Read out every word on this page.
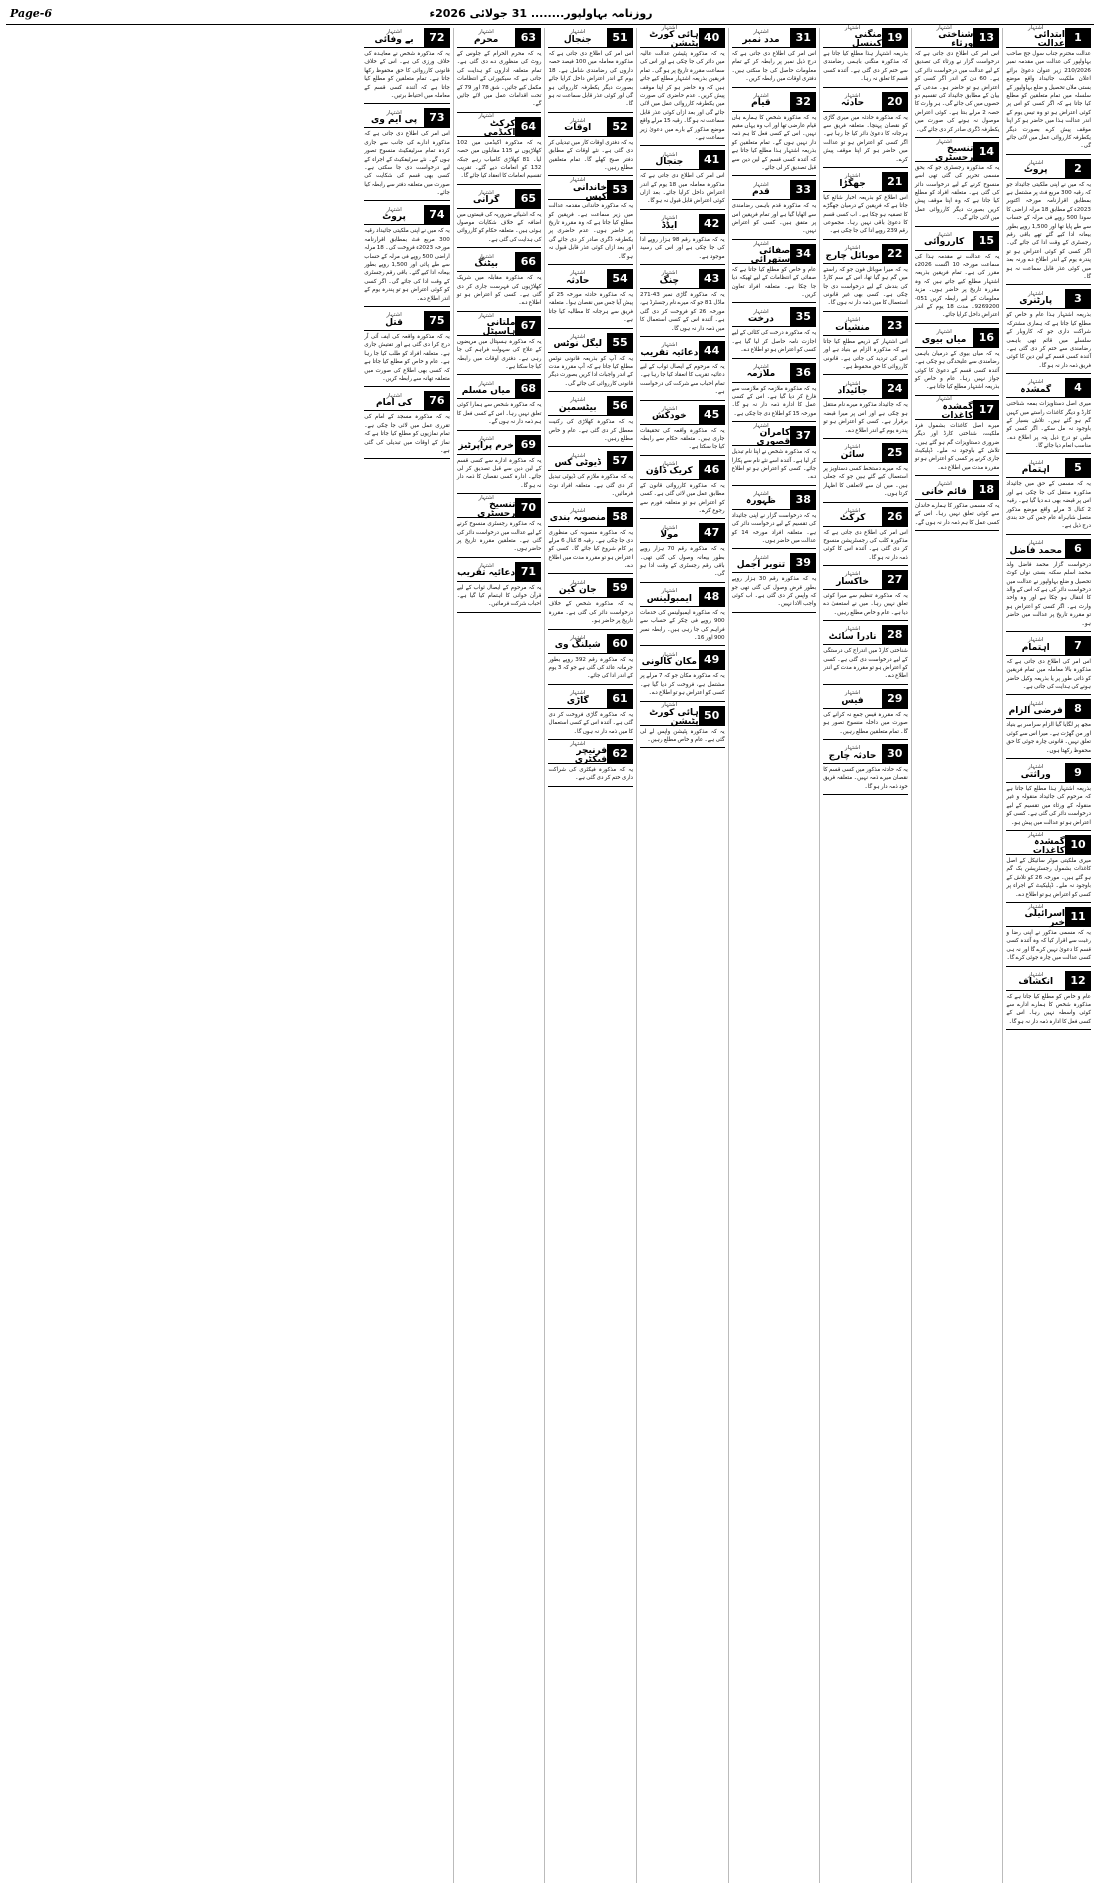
Page-6	روزنامہ بہاولپور........ 31 جولائی 2026ء
1
اشتہار
ابتدائی عدالت
عدالت محترم جناب سول جج صاحب بہاولپور کی عدالت میں مقدمہ نمبر 210/2026 زیر عنوان دعویٰ برائے اعلان ملکیت جائیداد واقع موضع بستی ملاں تحصیل و ضلع بہاولپور کے سلسلہ میں تمام متعلقین کو مطلع کیا جاتا ہے کہ اگر کسی کو اس پر کوئی اعتراض ہو تو وہ تیس یوم کے اندر عدالت ہذا میں حاضر ہو کر اپنا موقف پیش کرے بصورت دیگر یکطرفہ کارروائی عمل میں لائی جائے گی۔
2
اشتہار
پروٹ
یہ کہ میں نے اپنی ملکیتی جائیداد جو کہ رقبہ 300 مربع فٹ پر مشتمل ہے بمطابق اقرارنامہ مورخہ اکتوبر 2023ء کے مطابق 18 مرلہ اراضی کا سودا 500 روپے فی مرلہ کے حساب سے طے پایا تھا اور 1,500 روپے بطور بیعانہ ادا کیے گئے تھے باقی رقم رجسٹری کے وقت ادا کی جائے گی۔ اگر کسی کو کوئی اعتراض ہو تو پندرہ یوم کے اندر اطلاع دے ورنہ بعد میں کوئی عذر قابل سماعت نہ ہو گا۔
3
اشتہار
پارٹنری
بذریعہ اشتہار ہذا عام و خاص کو مطلع کیا جاتا ہے کہ ہماری مشترکہ شراکت داری جو کہ کاروبار کے سلسلے میں قائم تھی باہمی رضامندی سے ختم کر دی گئی ہے۔ آئندہ کسی قسم کے لین دین کا کوئی فریق ذمہ دار نہ ہو گا۔
4
اشتہار
گمشدہ
میری اصل دستاویزات بمعہ شناختی کارڈ و دیگر کاغذات راستے میں کہیں گم ہو گئے ہیں۔ تلاش بسیار کے باوجود نہ مل سکے۔ اگر کسی کو ملیں تو درج ذیل پتہ پر اطلاع دے۔ مناسب انعام دیا جائے گا۔
5
اشتہار
اہتمام
یہ کہ مسمی کے حق میں جائیداد مذکورہ منتقل کی جا چکی ہے اور اس پر قبضہ بھی دے دیا گیا ہے۔ رقبہ 2 کنال 3 مرلے واقع موضع مذکور متصل شاہراہ عام جس کی حد بندی درج ذیل ہے۔
6
اشتہار
محمد فاضل
درخواست گزار محمد فاضل ولد محمد اسلم سکنہ بستی نواں کوٹ تحصیل و ضلع بہاولپور نے عدالت میں درخواست دائر کی ہے کہ اس کے والد کا انتقال ہو چکا ہے اور وہ واحد وارث ہے۔ اگر کسی کو اعتراض ہو تو مقررہ تاریخ پر عدالت میں حاضر ہو۔
7
اشتہار
اہتمام
اس امر کی اطلاع دی جاتی ہے کہ مذکورہ بالا معاملہ میں تمام فریقین کو ذاتی طور پر یا بذریعہ وکیل حاضر ہونے کی ہدایت کی جاتی ہے۔
8
اشتہار
فرضی الزام
مجھ پر لگایا گیا الزام سراسر بے بنیاد اور من گھڑت ہے۔ میرا اس سے کوئی تعلق نہیں۔ قانونی چارہ جوئی کا حق محفوظ رکھتا ہوں۔
9
اشتہار
وراثتی
بذریعہ اشتہار ہذا مطلع کیا جاتا ہے کہ مرحوم کی جائیداد منقولہ و غیر منقولہ کے ورثاء میں تقسیم کے لیے درخواست دائر کی گئی ہے۔ کسی کو اعتراض ہو تو عدالت میں پیش ہو۔
10
اشتہار
گمشدہ کاغذات
میری ملکیتی موٹر سائیکل کے اصل کاغذات بشمول رجسٹریشن بک گم ہو گئے ہیں۔ مورخہ 26 کو تلاش کے باوجود نہ ملے۔ ڈپلیکیٹ کے اجراء پر کسی کو اعتراض ہو تو اطلاع دے۔
11
اشتہار
اسرائیلی خبر
یہ کہ مسمی مذکور نے اپنی رضا و رغبت سے اقرار کیا کہ وہ آئندہ کسی قسم کا دعویٰ نہیں کرے گا اور نہ ہی کسی عدالت میں چارہ جوئی کرے گا۔
12
اشتہار
انکشاف
عام و خاص کو مطلع کیا جاتا ہے کہ مذکورہ شخص کا ہمارے ادارے سے کوئی واسطہ نہیں رہا۔ اس کے کسی فعل کا ادارہ ذمہ دار نہ ہو گا۔
13
اشتہار
شناختی ورثاء
اس امر کی اطلاع دی جاتی ہے کہ درخواست گزار نے ورثاء کی تصدیق کے لیے عدالت میں درخواست دائر کی ہے۔ 60 دن کے اندر اگر کسی کو اعتراض ہو تو حاضر ہو۔ مدعی کے بیان کے مطابق جائیداد کی تقسیم دو حصوں میں کی جائے گی۔ ہر وارث کا حصہ 2 مرلے بنتا ہے۔ کوئی اعتراض موصول نہ ہونے کی صورت میں یکطرفہ ڈگری صادر کر دی جائے گی۔
14
اشتہار
تنسیخ رجسٹری
یہ کہ مذکورہ رجسٹری جو کہ بحق مسمی تحریر کی گئی تھی اسے منسوخ کرنے کے لیے درخواست دائر کی گئی ہے۔ متعلقہ افراد کو مطلع کیا جاتا ہے کہ وہ اپنا موقف پیش کریں بصورت دیگر کارروائی عمل میں لائی جائے گی۔
15
اشتہار
کارروائی
یہ کہ عدالت نے مقدمہ ہذا کی سماعت مورخہ 10 اگست 2026ء مقرر کی ہے۔ تمام فریقین بذریعہ اشتہار مطلع کیے جاتے ہیں کہ وہ مقررہ تاریخ پر حاضر ہوں۔ مزید معلومات کے لیے رابطہ کریں 051-9269200۔ مدت 18 یوم کے اندر اعتراض داخل کرایا جائے۔
16
اشتہار
میاں بیوی
یہ کہ میاں بیوی کے درمیان باہمی رضامندی سے علیحدگی ہو چکی ہے۔ آئندہ کسی قسم کے دعویٰ کا کوئی جواز نہیں رہا۔ عام و خاص کو بذریعہ اشتہار مطلع کیا جاتا ہے۔
17
اشتہار
گمشدہ کاغذات
میرے اصل کاغذات بشمول فرد ملکیت، شناختی کارڈ اور دیگر ضروری دستاویزات گم ہو گئے ہیں۔ تلاش کے باوجود نہ ملے۔ ڈپلیکیٹ جاری کرنے پر کسی کو اعتراض ہو تو مقررہ مدت میں اطلاع دے۔
18
اشتہار
قائم خانی
یہ کہ مسمی مذکور کا ہمارے خاندان سے کوئی تعلق نہیں رہا۔ اس کے کسی عمل کا ہم ذمہ دار نہ ہوں گے۔
19
اشتہار
منگنی کینسل
بذریعہ اشتہار ہذا مطلع کیا جاتا ہے کہ مذکورہ منگنی باہمی رضامندی سے ختم کر دی گئی ہے۔ آئندہ کسی قسم کا تعلق نہ رہا۔
20
اشتہار
حادثہ
یہ کہ مذکورہ حادثہ میں میری گاڑی کو نقصان پہنچا۔ متعلقہ فریق سے ہرجانہ کا دعویٰ دائر کیا جا رہا ہے۔ اگر کسی کو اعتراض ہو تو عدالت میں حاضر ہو کر اپنا موقف پیش کرے۔
21
اشتہار
جھگڑا
اس اطلاع کو بذریعہ اخبار شائع کیا جاتا ہے کہ فریقین کے درمیان جھگڑے کا تصفیہ ہو چکا ہے۔ اب کسی قسم کا دعویٰ باقی نہیں رہا۔ مجموعی رقم 239 روپے ادا کی جا چکی ہے۔
22
اشتہار
موبائل چارج
یہ کہ میرا موبائل فون جو کہ راستے میں گم ہو گیا تھا، اس کے سم کارڈ کی بندش کے لیے درخواست دی جا چکی ہے۔ کسی بھی غیر قانونی استعمال کا میں ذمہ دار نہ ہوں گا۔
23
اشتہار
منشیات
اس اشتہار کے ذریعے مطلع کیا جاتا ہے کہ مذکورہ الزام بے بنیاد ہے اور اس کی تردید کی جاتی ہے۔ قانونی کارروائی کا حق محفوظ ہے۔
24
اشتہار
جائیداد
یہ کہ جائیداد مذکورہ میرے نام منتقل ہو چکی ہے اور اس پر میرا قبضہ برقرار ہے۔ کسی کو اعتراض ہو تو پندرہ یوم کے اندر اطلاع دے۔
25
اشتہار
سائن
یہ کہ میرے دستخط کسی دستاویز پر استعمال کیے گئے ہیں جو کہ جعلی ہیں۔ میں ان سے لاتعلقی کا اظہار کرتا ہوں۔
26
اشتہار
کرکٹ
اس امر کی اطلاع دی جاتی ہے کہ مذکورہ کلب کی رجسٹریشن منسوخ کر دی گئی ہے۔ آئندہ اس کا کوئی ذمہ دار نہ ہو گا۔
27
اشتہار
خاکسار
یہ کہ مذکورہ تنظیم سے میرا کوئی تعلق نہیں رہا۔ میں نے استعفیٰ دے دیا ہے۔ عام و خاص مطلع رہیں۔
28
اشتہار
نادرا سائٹ
شناختی کارڈ میں اندراج کی درستگی کے لیے درخواست دی گئی ہے۔ کسی کو اعتراض ہو تو مقررہ مدت کے اندر اطلاع دے۔
29
اشتہار
فیس
یہ کہ مقررہ فیس جمع نہ کرانے کی صورت میں داخلہ منسوخ تصور ہو گا۔ تمام متعلقین مطلع رہیں۔
30
اشتہار
حادثہ چارج
یہ کہ حادثہ مذکور میں کسی قسم کا نقصان میرے ذمہ نہیں۔ متعلقہ فریق خود ذمہ دار ہو گا۔
31
اشتہار
مدد نمبر
اس امر کی اطلاع دی جاتی ہے کہ درج ذیل نمبر پر رابطہ کر کے تمام معلومات حاصل کی جا سکتی ہیں۔ دفتری اوقات میں رابطہ کریں۔
32
اشتہار
قیام
یہ کہ مذکورہ شخص کا ہمارے ہاں قیام عارضی تھا اور اب وہ یہاں مقیم نہیں۔ اس کے کسی فعل کا ہم ذمہ دار نہیں ہوں گے۔ تمام متعلقین کو بذریعہ اشتہار ہذا مطلع کیا جاتا ہے کہ آئندہ کسی قسم کے لین دین سے قبل تصدیق کر لی جائے۔
33
اشتہار
قدم
یہ کہ مذکورہ قدم باہمی رضامندی سے اٹھایا گیا ہے اور تمام فریقین اس پر متفق ہیں۔ کسی کو اعتراض نہیں۔
34
اشتہار
صفائی ستھرائی
عام و خاص کو مطلع کیا جاتا ہے کہ صفائی کے انتظامات کے لیے ٹھیکہ دیا جا چکا ہے۔ متعلقہ افراد تعاون کریں۔
35
اشتہار
درخت
یہ کہ مذکورہ درخت کی کٹائی کے لیے اجازت نامہ حاصل کر لیا گیا ہے۔ کسی کو اعتراض ہو تو اطلاع دے۔
36
اشتہار
ملازمہ
یہ کہ مذکورہ ملازمہ کو ملازمت سے فارغ کر دیا گیا ہے۔ اس کے کسی عمل کا ادارہ ذمہ دار نہ ہو گا۔ مورخہ 15 کو اطلاع دی جا چکی ہے۔
37
اشتہار
کامران قصوری
یہ کہ مذکورہ شخص نے اپنا نام تبدیل کر لیا ہے۔ آئندہ اسے نئے نام سے پکارا جائے۔ کسی کو اعتراض ہو تو اطلاع دے۔
38
اشتہار
ظہورہ
یہ کہ درخواست گزار نے اپنی جائیداد کی تقسیم کے لیے درخواست دائر کی ہے۔ متعلقہ افراد مورخہ 14 کو عدالت میں حاضر ہوں۔
39
اشتہار
تنویر اجمل
یہ کہ مذکورہ رقم 30 ہزار روپے بطور قرض وصول کی گئی تھی جو کہ واپس کر دی گئی ہے۔ اب کوئی واجب الادا نہیں۔
40
اشتہار
ہائی کورٹ پٹیشن
یہ کہ مذکورہ پٹیشن عدالت عالیہ میں دائر کی جا چکی ہے اور اس کی سماعت مقررہ تاریخ پر ہو گی۔ تمام فریقین بذریعہ اشتہار مطلع کیے جاتے ہیں کہ وہ حاضر ہو کر اپنا موقف پیش کریں۔ عدم حاضری کی صورت میں یکطرفہ کارروائی عمل میں لائی جائے گی اور بعد ازاں کوئی عذر قابل سماعت نہ ہو گا۔ رقبہ 15 مرلے واقع موضع مذکور کے بارے میں دعویٰ زیر سماعت ہے۔
41
اشتہار
جنجال
اس امر کی اطلاع دی جاتی ہے کہ مذکورہ معاملہ میں 18 یوم کے اندر اعتراض داخل کرایا جائے۔ بعد ازاں کوئی اعتراض قابل قبول نہ ہو گا۔
42
اشتہار
ایڈڈ
یہ کہ مذکورہ رقم 98 ہزار روپے ادا کی جا چکی ہے اور اس کی رسید موجود ہے۔
43
اشتہار
چنگ
یہ کہ مذکورہ گاڑی نمبر 43-271 ماڈل 81 جو کہ میرے نام رجسٹرڈ ہے، مورخہ 26 کو فروخت کر دی گئی ہے۔ آئندہ اس کے کسی استعمال کا میں ذمہ دار نہ ہوں گا۔
44
اشتہار
دعائیہ تقریب
یہ کہ مرحوم کے ایصال ثواب کے لیے دعائیہ تقریب کا انعقاد کیا جا رہا ہے۔ تمام احباب سے شرکت کی درخواست ہے۔
45
اشتہار
خودکش
یہ کہ مذکورہ واقعہ کی تحقیقات جاری ہیں۔ متعلقہ حکام سے رابطہ کیا جا سکتا ہے۔
46
اشتہار
کریک ڈاؤن
یہ کہ مذکورہ کارروائی قانون کے مطابق عمل میں لائی گئی ہے۔ کسی کو اعتراض ہو تو متعلقہ فورم سے رجوع کرے۔
47
اشتہار
مولا
یہ کہ مذکورہ رقم 70 ہزار روپے بطور بیعانہ وصول کی گئی تھی۔ باقی رقم رجسٹری کے وقت ادا ہو گی۔
48
اشتہار
ایمبولینس
یہ کہ مذکورہ ایمبولینس کی خدمات 900 روپے فی چکر کے حساب سے فراہم کی جا رہی ہیں۔ رابطہ نمبر 900 اور 16۔
49
اشتہار
مکان کالونی
یہ کہ مذکورہ مکان جو کہ 7 مرلے پر مشتمل ہے، فروخت کر دیا گیا ہے۔ کسی کو اعتراض ہو تو اطلاع دے۔
50
اشتہار
ہائی کورٹ پٹیشن
یہ کہ مذکورہ پٹیشن واپس لے لی گئی ہے۔ عام و خاص مطلع رہیں۔
51
اشتہار
جنجال
اس امر کی اطلاع دی جاتی ہے کہ مذکورہ معاملہ میں 100 فیصد حصہ داروں کی رضامندی شامل ہے۔ 18 یوم کے اندر اعتراض داخل کرایا جائے بصورت دیگر یکطرفہ کارروائی ہو گی اور کوئی عذر قابل سماعت نہ ہو گا۔
52
اشتہار
اوقات
یہ کہ دفتری اوقات کار میں تبدیلی کر دی گئی ہے۔ نئے اوقات کے مطابق دفتر صبح کھلے گا۔ تمام متعلقین مطلع رہیں۔
53
اشتہار
خاندانی کیس
یہ کہ مذکورہ خاندانی مقدمہ عدالت میں زیر سماعت ہے۔ فریقین کو مطلع کیا جاتا ہے کہ وہ مقررہ تاریخ پر حاضر ہوں۔ عدم حاضری پر یکطرفہ ڈگری صادر کر دی جائے گی اور بعد ازاں کوئی عذر قابل قبول نہ ہو گا۔
54
اشتہار
حادثہ
یہ کہ مذکورہ حادثہ مورخہ 25 کو پیش آیا جس میں نقصان ہوا۔ متعلقہ فریق سے ہرجانہ کا مطالبہ کیا جاتا ہے۔
55
اشتہار
لیگل نوٹس
یہ کہ آپ کو بذریعہ قانونی نوٹس مطلع کیا جاتا ہے کہ آپ مقررہ مدت کے اندر واجبات ادا کریں بصورت دیگر قانونی کارروائی کی جائے گی۔
56
اشتہار
بیٹسمین
یہ کہ مذکورہ کھلاڑی کی رکنیت معطل کر دی گئی ہے۔ عام و خاص مطلع رہیں۔
57
اشتہار
ڈیوٹی کس
یہ کہ مذکورہ ملازم کی ڈیوٹی تبدیل کر دی گئی ہے۔ متعلقہ افراد نوٹ فرمائیں۔
58
اشتہار
منصوبہ بندی
یہ کہ مذکورہ منصوبہ کی منظوری دی جا چکی ہے۔ رقبہ 8 کنال 6 مرلے پر کام شروع کیا جائے گا۔ کسی کو اعتراض ہو تو مقررہ مدت میں اطلاع دے۔
59
اشتہار
جان کین
یہ کہ مذکورہ شخص کے خلاف درخواست دائر کی گئی ہے۔ مقررہ تاریخ پر حاضر ہو۔
60
اشتہار
شیلنگ وی
یہ کہ مذکورہ رقم 392 روپے بطور جرمانہ عائد کی گئی ہے جو کہ 3 یوم کے اندر ادا کی جائے۔
61
اشتہار
گاڑی
یہ کہ مذکورہ گاڑی فروخت کر دی گئی ہے۔ آئندہ اس کے کسی استعمال کا میں ذمہ دار نہ ہوں گا۔
62
اشتہار
فرنیچر فیکٹری
یہ کہ مذکورہ فیکٹری کی شراکت داری ختم کر دی گئی ہے۔
63
اشتہار
محرم
یہ کہ محرم الحرام کے جلوس کے روٹ کی منظوری دے دی گئی ہے۔ تمام متعلقہ اداروں کو ہدایت کی جاتی ہے کہ سیکیورٹی کے انتظامات مکمل کیے جائیں۔ شق 78 اور 79 کے تحت اقدامات عمل میں لائے جائیں گے۔
64
اشتہار
کرکٹ اکیڈمی
یہ کہ مذکورہ اکیڈمی میں 102 کھلاڑیوں نے 115 مقابلوں میں حصہ لیا۔ 81 کھلاڑی کامیاب رہے جبکہ 132 کو انعامات دیے گئے۔ تقریب تقسیم انعامات کا انعقاد کیا جائے گا۔
65
اشتہار
گرانی
یہ کہ اشیائے ضروریہ کی قیمتوں میں اضافہ کے خلاف شکایات موصول ہوئی ہیں۔ متعلقہ حکام کو کارروائی کی ہدایت کی گئی ہے۔
66
اشتہار
بیٹنگ
یہ کہ مذکورہ مقابلہ میں شریک کھلاڑیوں کی فہرست جاری کر دی گئی ہے۔ کسی کو اعتراض ہو تو اطلاع دے۔
67
اشتہار
ملتانی ہاسپٹل
یہ کہ مذکورہ ہسپتال میں مریضوں کے علاج کی سہولت فراہم کی جا رہی ہے۔ دفتری اوقات میں رابطہ کیا جا سکتا ہے۔
68
اشتہار
میاں مسلم
یہ کہ مذکورہ شخص سے ہمارا کوئی تعلق نہیں رہا۔ اس کے کسی فعل کا ہم ذمہ دار نہ ہوں گے۔
69
اشتہار
خرم پراپرٹیز
یہ کہ مذکورہ ادارے سے کسی قسم کے لین دین سے قبل تصدیق کر لی جائے۔ ادارہ کسی نقصان کا ذمہ دار نہ ہو گا۔
70
اشتہار
تنسیخ رجسٹری
یہ کہ مذکورہ رجسٹری منسوخ کرنے کے لیے عدالت میں درخواست دائر کی گئی ہے۔ متعلقین مقررہ تاریخ پر حاضر ہوں۔
71
اشتہار
دعائیہ تقریب
یہ کہ مرحوم کے ایصال ثواب کے لیے قرآن خوانی کا اہتمام کیا گیا ہے۔ احباب شرکت فرمائیں۔
72
اشتہار
بے وفائی
یہ کہ مذکورہ شخص نے معاہدہ کی خلاف ورزی کی ہے۔ اس کے خلاف قانونی کارروائی کا حق محفوظ رکھا جاتا ہے۔ تمام متعلقین کو مطلع کیا جاتا ہے کہ آئندہ کسی قسم کے معاملہ میں احتیاط برتیں۔
73
اشتہار
پی ایم وی
اس امر کی اطلاع دی جاتی ہے کہ مذکورہ ادارے کی جانب سے جاری کردہ تمام سرٹیفکیٹ منسوخ تصور ہوں گے۔ نئے سرٹیفکیٹ کے اجراء کے لیے درخواست دی جا سکتی ہے۔ کسی بھی قسم کی شکایت کی صورت میں متعلقہ دفتر سے رابطہ کیا جائے۔
74
اشتہار
پروٹ
یہ کہ میں نے اپنی ملکیتی جائیداد رقبہ 300 مربع فٹ بمطابق اقرارنامہ مورخہ 2023ء فروخت کی۔ 18 مرلہ اراضی 500 روپے فی مرلہ کے حساب سے طے پائی اور 1,500 روپے بطور بیعانہ ادا کیے گئے۔ باقی رقم رجسٹری کے وقت ادا کی جائے گی۔ اگر کسی کو کوئی اعتراض ہو تو پندرہ یوم کے اندر اطلاع دے۔
75
اشتہار
قتل
یہ کہ مذکورہ واقعہ کی ایف آئی آر درج کرا دی گئی ہے اور تفتیش جاری ہے۔ متعلقہ افراد کو طلب کیا جا رہا ہے۔ عام و خاص کو مطلع کیا جاتا ہے کہ کسی بھی اطلاع کی صورت میں متعلقہ تھانہ سے رابطہ کریں۔
76
اشتہار
کی امام
یہ کہ مذکورہ مسجد کے امام کی تقرری عمل میں لائی جا چکی ہے۔ تمام نمازیوں کو مطلع کیا جاتا ہے کہ نماز کے اوقات میں تبدیلی کی گئی ہے۔
